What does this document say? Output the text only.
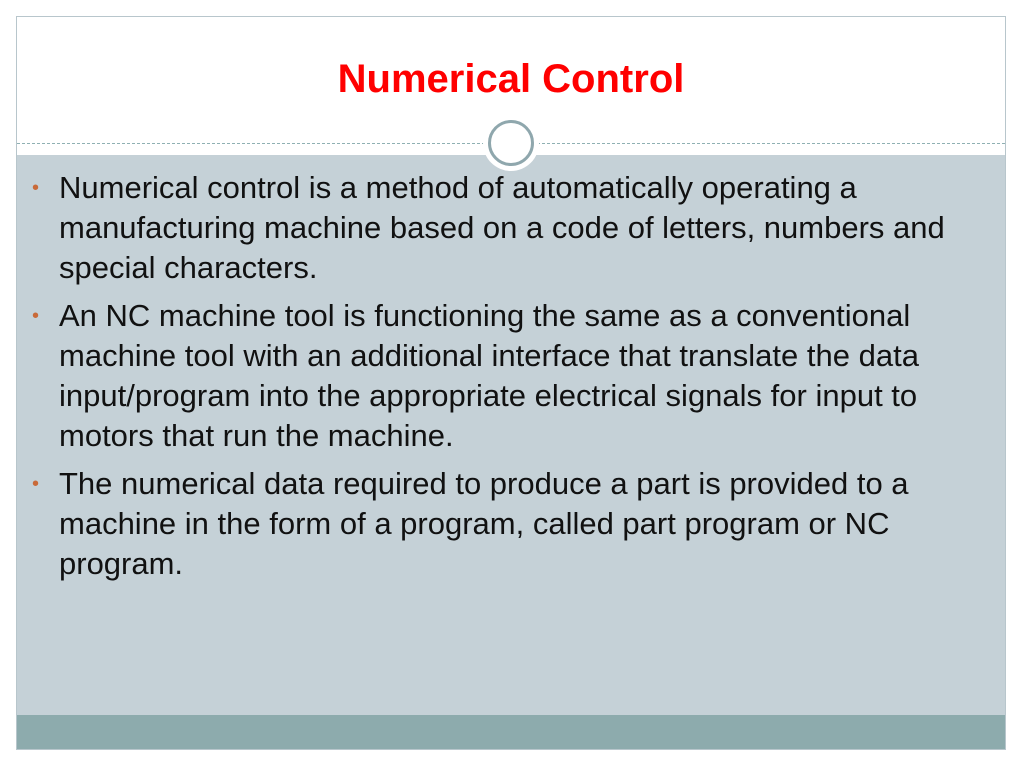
Numerical Control
• Numerical control is a method of automatically operating a manufacturing machine based on a code of letters, numbers and special characters.
• An NC machine tool is functioning the same as a conventional machine tool with an additional interface that translate the data input/program into the appropriate electrical signals for input to motors that run the machine.
• The numerical data required to produce a part is provided to a machine in the form of a program, called part program or NC program.
